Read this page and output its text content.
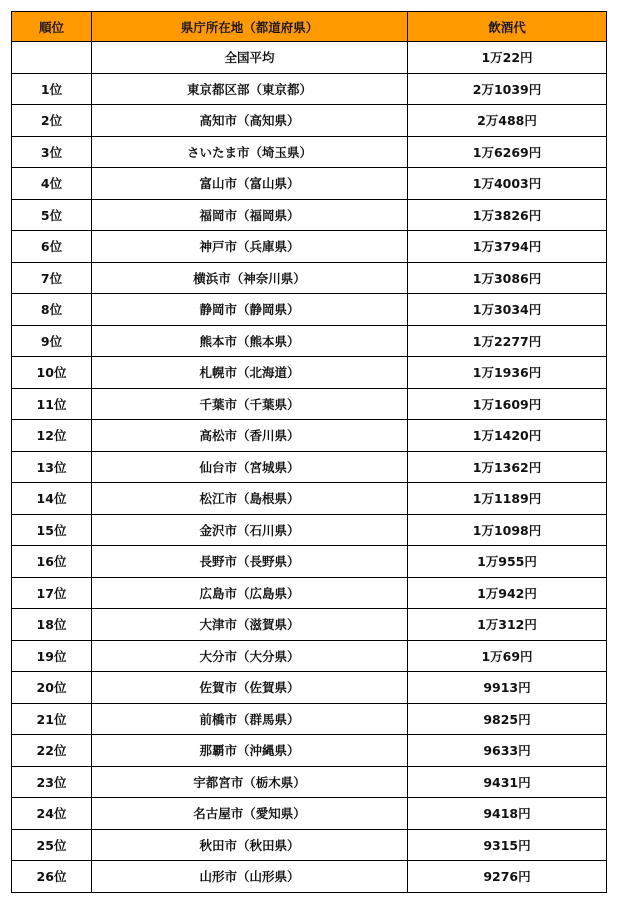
順位	県庁所在地（都道府県）	飲酒代
	全国平均	1万22円
1位	東京都区部（東京都）	2万1039円
2位	高知市（高知県）	2万488円
3位	さいたま市（埼玉県）	1万6269円
4位	富山市（富山県）	1万4003円
5位	福岡市（福岡県）	1万3826円
6位	神戸市（兵庫県）	1万3794円
7位	横浜市（神奈川県）	1万3086円
8位	静岡市（静岡県）	1万3034円
9位	熊本市（熊本県）	1万2277円
10位	札幌市（北海道）	1万1936円
11位	千葉市（千葉県）	1万1609円
12位	高松市（香川県）	1万1420円
13位	仙台市（宮城県）	1万1362円
14位	松江市（島根県）	1万1189円
15位	金沢市（石川県）	1万1098円
16位	長野市（長野県）	1万955円
17位	広島市（広島県）	1万942円
18位	大津市（滋賀県）	1万312円
19位	大分市（大分県）	1万69円
20位	佐賀市（佐賀県）	9913円
21位	前橋市（群馬県）	9825円
22位	那覇市（沖縄県）	9633円
23位	宇都宮市（栃木県）	9431円
24位	名古屋市（愛知県）	9418円
25位	秋田市（秋田県）	9315円
26位	山形市（山形県）	9276円
